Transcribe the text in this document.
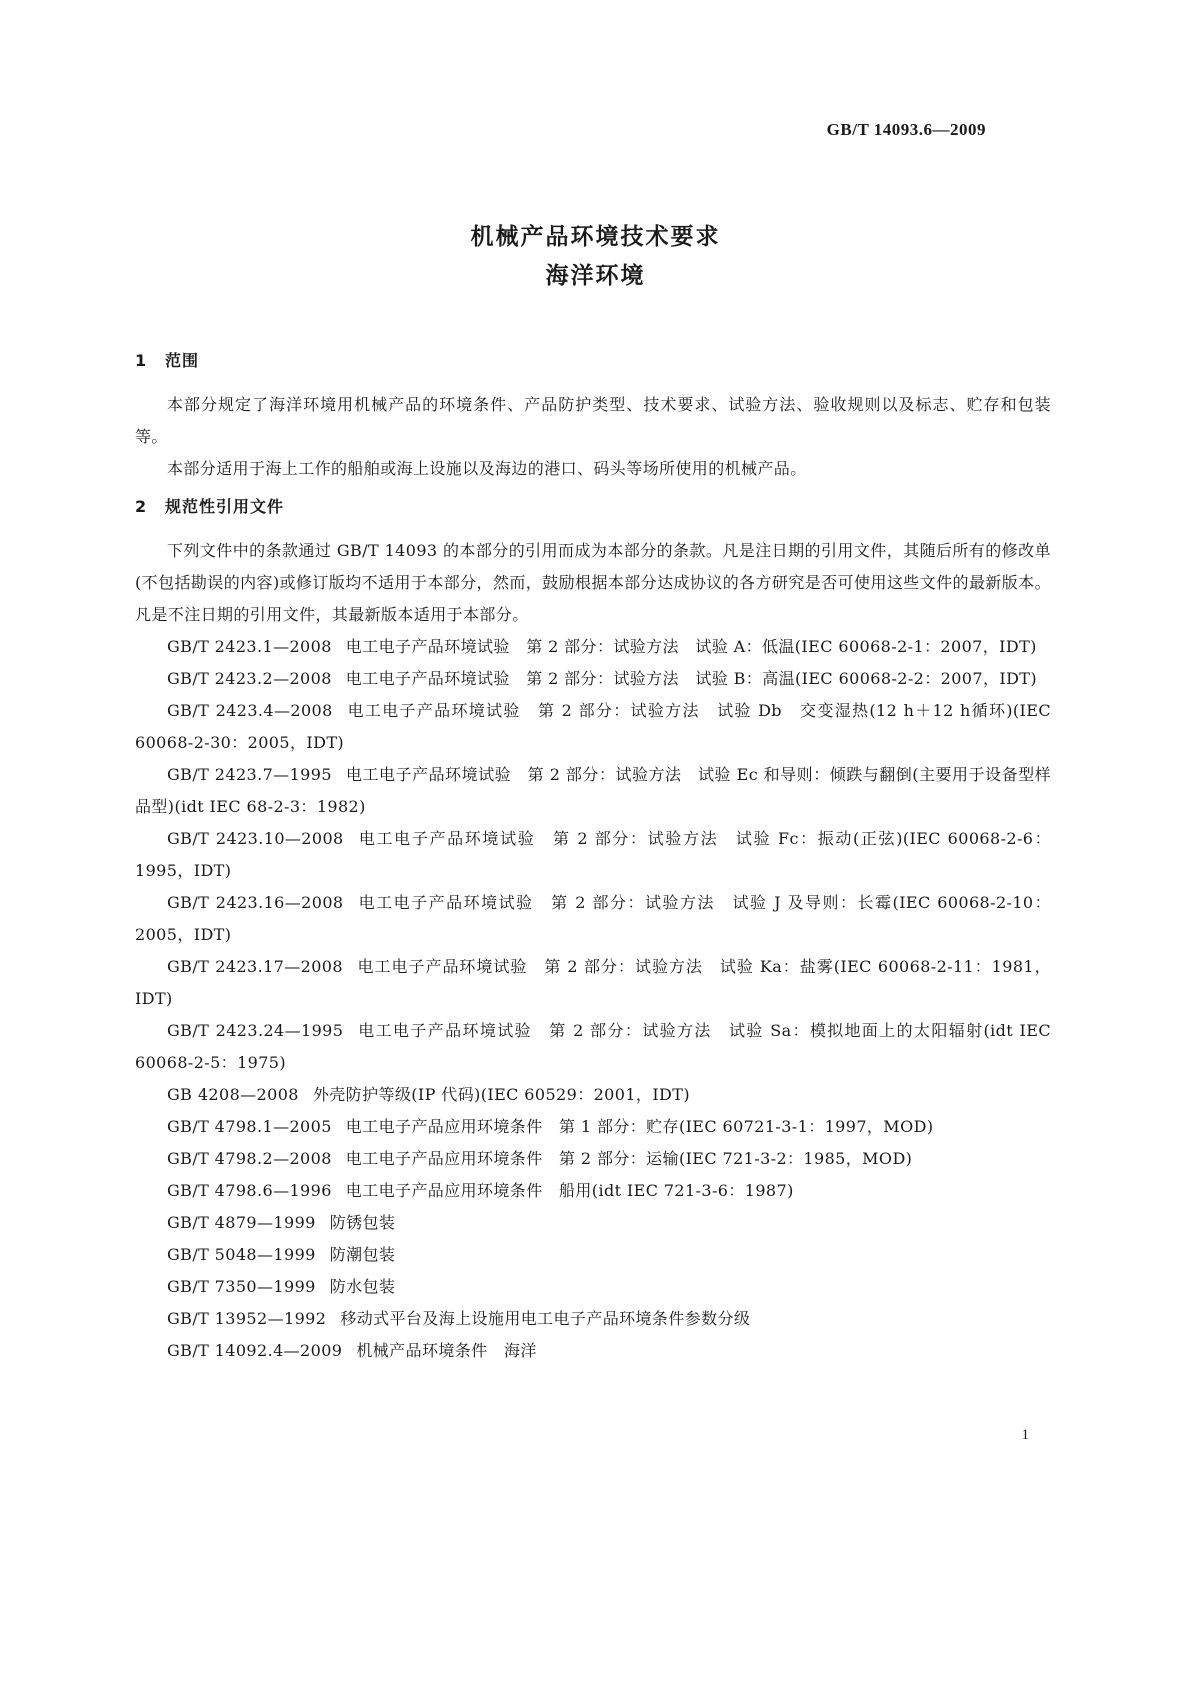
GB/T 14093.6—2009
机械产品环境技术要求
海洋环境
1 范围

本部分规定了海洋环境用机械产品的环境条件、产品防护类型、技术要求、试验方法、验收规则以及标志、贮存和包装等。

本部分适用于海上工作的船舶或海上设施以及海边的港口、码头等场所使用的机械产品。

2 规范性引用文件

下列文件中的条款通过 GB/T 14093 的本部分的引用而成为本部分的条款。凡是注日期的引用文件，其随后所有的修改单(不包括勘误的内容)或修订版均不适用于本部分，然而，鼓励根据本部分达成协议的各方研究是否可使用这些文件的最新版本。凡是不注日期的引用文件，其最新版本适用于本部分。

GB/T 2423.1—2008 电工电子产品环境试验　第 2 部分：试验方法　试验 A：低温(IEC 60068-2-1：2007，IDT)

GB/T 2423.2—2008 电工电子产品环境试验　第 2 部分：试验方法　试验 B：高温(IEC 60068-2-2：2007，IDT)

GB/T 2423.4—2008 电工电子产品环境试验　第 2 部分：试验方法　试验 Db　交变湿热(12 h＋12 h循环)(IEC 60068-2-30：2005，IDT)

GB/T 2423.7—1995 电工电子产品环境试验　第 2 部分：试验方法　试验 Ec 和导则：倾跌与翻倒(主要用于设备型样品型)(idt IEC 68-2-3：1982)

GB/T 2423.10—2008 电工电子产品环境试验　第 2 部分：试验方法　试验 Fc：振动(正弦)(IEC 60068-2-6：1995，IDT)

GB/T 2423.16—2008 电工电子产品环境试验　第 2 部分：试验方法　试验 J 及导则：长霉(IEC 60068-2-10：2005，IDT)

GB/T 2423.17—2008 电工电子产品环境试验　第 2 部分：试验方法　试验 Ka：盐雾(IEC 60068-2-11：1981，IDT)

GB/T 2423.24—1995 电工电子产品环境试验　第 2 部分：试验方法　试验 Sa：模拟地面上的太阳辐射(idt IEC 60068-2-5：1975)

GB 4208—2008 外壳防护等级(IP 代码)(IEC 60529：2001，IDT)

GB/T 4798.1—2005 电工电子产品应用环境条件　第 1 部分：贮存(IEC 60721-3-1：1997，MOD)

GB/T 4798.2—2008 电工电子产品应用环境条件　第 2 部分：运输(IEC 721-3-2：1985，MOD)

GB/T 4798.6—1996 电工电子产品应用环境条件　船用(idt IEC 721-3-6：1987)

GB/T 4879—1999 防锈包装

GB/T 5048—1999 防潮包装

GB/T 7350—1999 防水包装

GB/T 13952—1992 移动式平台及海上设施用电工电子产品环境条件参数分级

GB/T 14092.4—2009 机械产品环境条件　海洋

1
